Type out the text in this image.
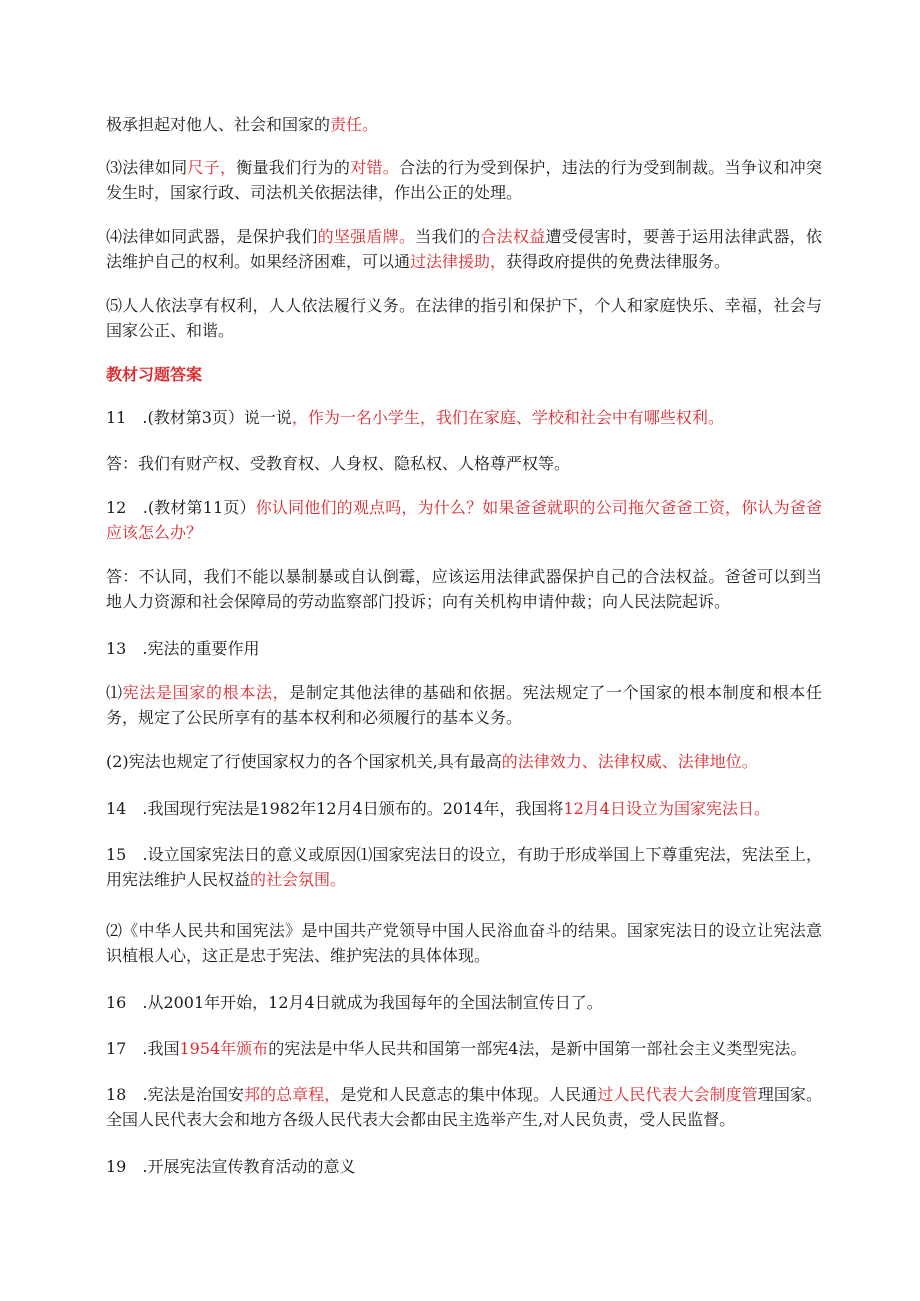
极承担起对他人、社会和国家的责任。

⑶法律如同尺子，衡量我们行为的对错。合法的行为受到保护，违法的行为受到制裁。当争议和冲突发生时，国家行政、司法机关依据法律，作出公正的处理。

⑷法律如同武器，是保护我们的坚强盾牌。当我们的合法权益遭受侵害时，要善于运用法律武器，依法维护自己的权利。如果经济困难，可以通过法律援助，获得政府提供的免费法律服务。

⑸人人依法享有权利，人人依法履行义务。在法律的指引和保护下，个人和家庭快乐、幸福，社会与国家公正、和谐。

教材习题答案

11　.(教材第3页）说一说，作为一名小学生，我们在家庭、学校和社会中有哪些权利。

答：我们有财产权、受教育权、人身权、隐私权、人格尊严权等。

12　.(教材第11页）你认同他们的观点吗，为什么？如果爸爸就职的公司拖欠爸爸工资，你认为爸爸应该怎么办？

答：不认同，我们不能以暴制暴或自认倒霉，应该运用法律武器保护自己的合法权益。爸爸可以到当地人力资源和社会保障局的劳动监察部门投诉；向有关机构申请仲裁；向人民法院起诉。

13　.宪法的重要作用

⑴宪法是国家的根本法，是制定其他法律的基础和依据。宪法规定了一个国家的根本制度和根本任务，规定了公民所享有的基本权利和必须履行的基本义务。

(2)宪法也规定了行使国家权力的各个国家机关,具有最高的法律效力、法律权威、法律地位。

14　.我国现行宪法是1982年12月4日颁布的。2014年，我国将12月4日设立为国家宪法日。

15　.设立国家宪法日的意义或原因⑴国家宪法日的设立，有助于形成举国上下尊重宪法，宪法至上，用宪法维护人民权益的社会氛围。

⑵《中华人民共和国宪法》是中国共产党领导中国人民浴血奋斗的结果。国家宪法日的设立让宪法意识植根人心，这正是忠于宪法、维护宪法的具体体现。

16　.从2001年开始，12月4日就成为我国每年的全国法制宣传日了。

17　.我国1954年颁布的宪法是中华人民共和国第一部宪4法，是新中国第一部社会主义类型宪法。

18　.宪法是治国安邦的总章程，是党和人民意志的集中体现。人民通过人民代表大会制度管理国家。全国人民代表大会和地方各级人民代表大会都由民主选举产生,对人民负责，受人民监督。

19　.开展宪法宣传教育活动的意义
